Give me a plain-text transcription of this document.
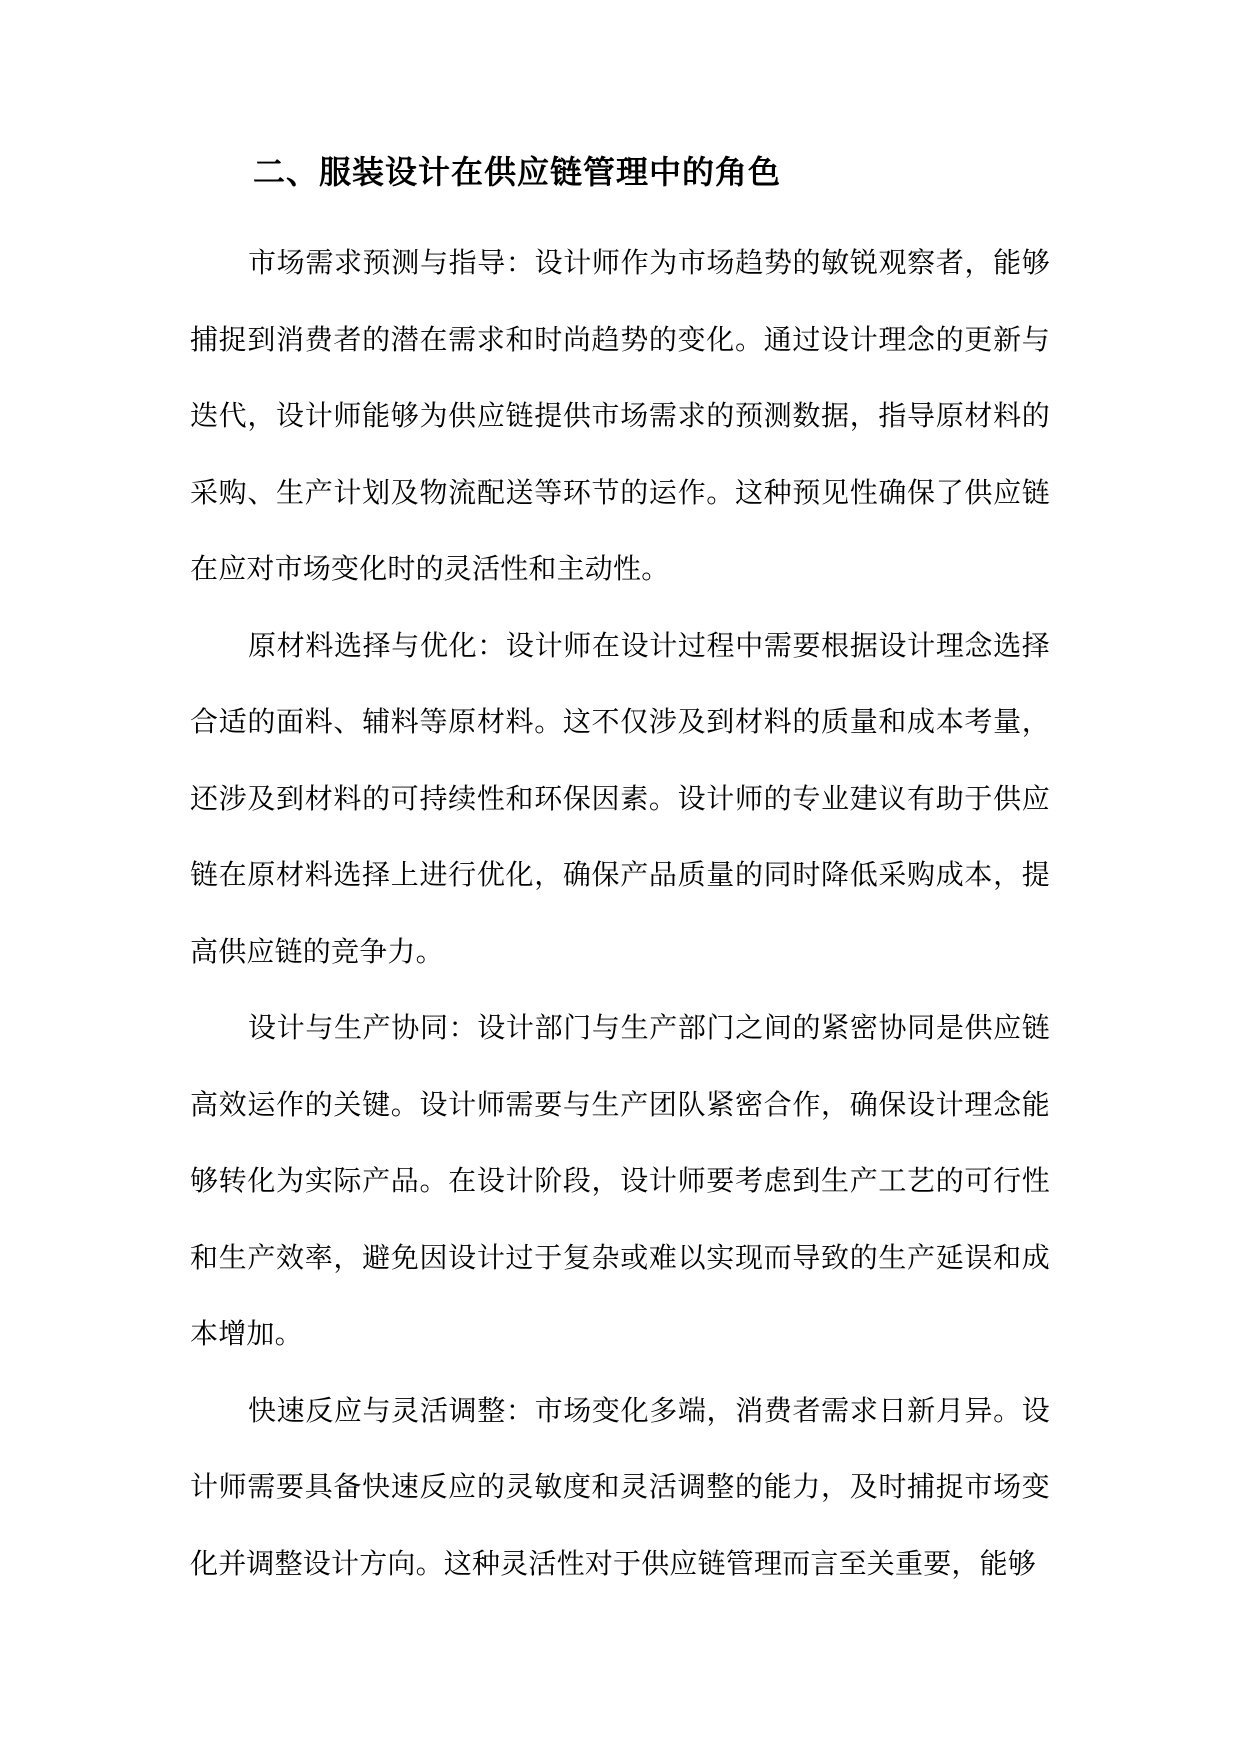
二、服装设计在供应链管理中的角色

市场需求预测与指导：设计师作为市场趋势的敏锐观察者，能够捕捉到消费者的潜在需求和时尚趋势的变化。通过设计理念的更新与迭代，设计师能够为供应链提供市场需求的预测数据，指导原材料的采购、生产计划及物流配送等环节的运作。这种预见性确保了供应链在应对市场变化时的灵活性和主动性。

原材料选择与优化：设计师在设计过程中需要根据设计理念选择合适的面料、辅料等原材料。这不仅涉及到材料的质量和成本考量，还涉及到材料的可持续性和环保因素。设计师的专业建议有助于供应链在原材料选择上进行优化，确保产品质量的同时降低采购成本，提高供应链的竞争力。

设计与生产协同：设计部门与生产部门之间的紧密协同是供应链高效运作的关键。设计师需要与生产团队紧密合作，确保设计理念能够转化为实际产品。在设计阶段，设计师要考虑到生产工艺的可行性和生产效率，避免因设计过于复杂或难以实现而导致的生产延误和成本增加。

快速反应与灵活调整：市场变化多端，消费者需求日新月异。设计师需要具备快速反应的灵敏度和灵活调整的能力，及时捕捉市场变化并调整设计方向。这种灵活性对于供应链管理而言至关重要，能够
